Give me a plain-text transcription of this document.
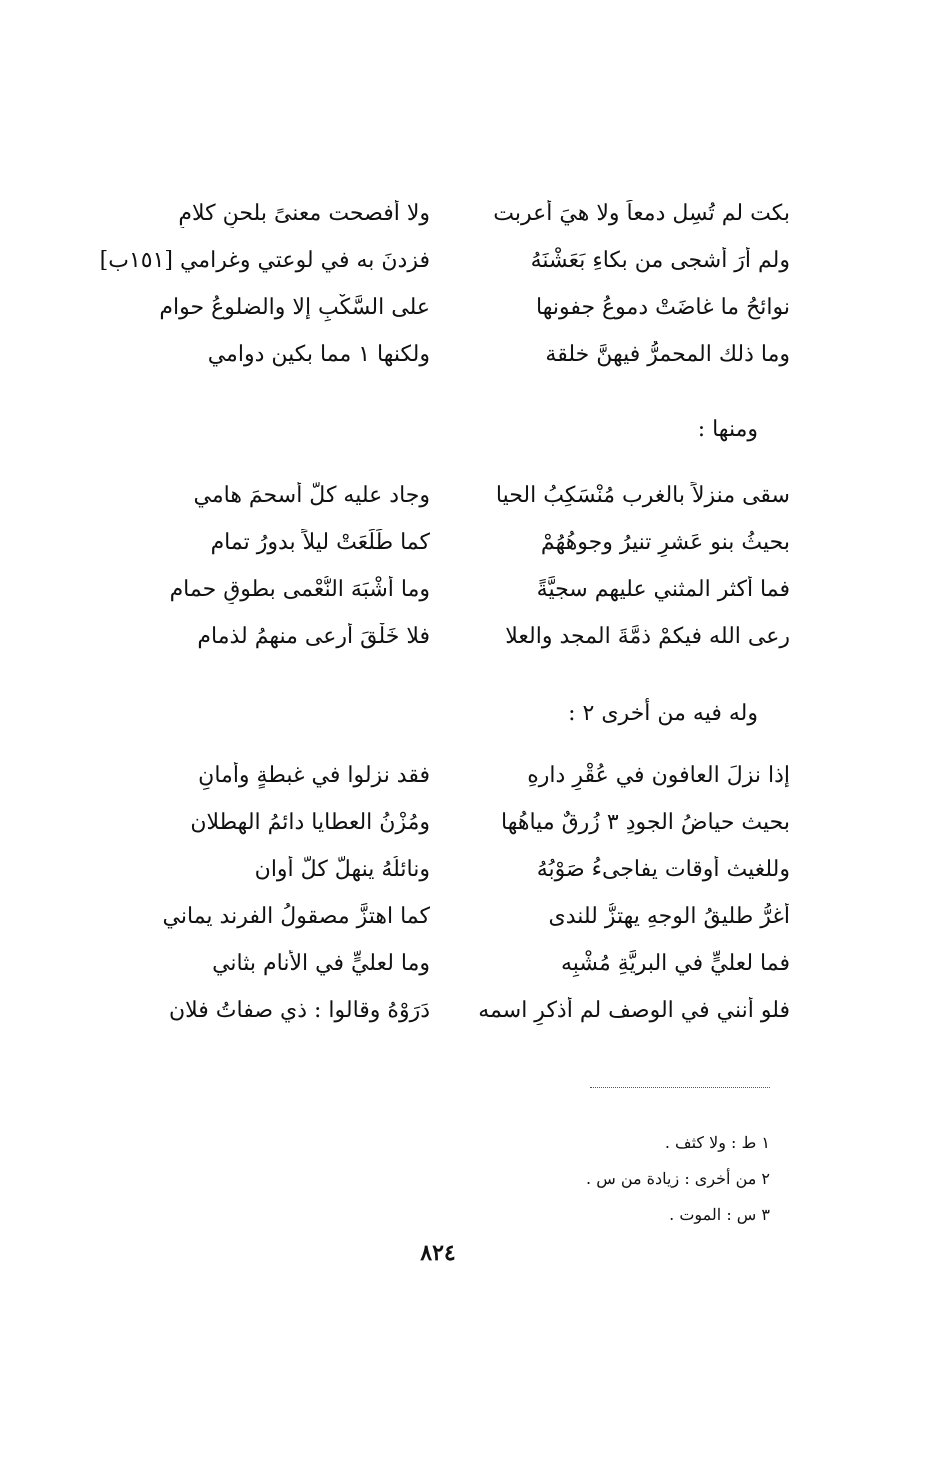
بكت لم تُسِل دمعاً ولا هيَ أعربت
ولا أفصحت معنىً بلحنِ كلامِ
ولم أرَ أشجى من بكاءِ بَعَشْنَهُ
فزدنَ به في لوعتي وغرامي [١٥١ب]
نوائحُ ما غاضَتْ دموعُ جفونها
على السَّكْبِ إلا والضلوعُ حوام
وما ذلك المحمرُّ فيهنَّ خلقة
ولكنها ١ مما بكين دوامي
ومنها :
سقى منزلاً بالغرب مُنْسَكِبُ الحيا
وجاد عليه كلُّ أسحمَ هامي
بحيثُ بنو عَشرٍ تنيرُ وجوهُهُمْ
كما طَلَعَتْ ليلاً بدورُ تمام
فما أكثر المثني عليهم سجيَّةً
وما أشْبَهَ النُّعْمى بطوقِ حمام
رعى الله فيكمْ ذمَّةَ المجد والعلا
فلا خَلْقَ أرعى منهمُ لذمام
وله فيه من أخرى ٢ :
إذا نزلَ العافون في عُقْرِ دارهِ
فقد نزلوا في غبطةٍ وأمانِ
بحيث حياضُ الجودِ ٣ زُرقٌ مياهُها
ومُزْنُ العطايا دائمُ الهطلان
وللغيث أوقات يفاجىءُ صَوْبُهُ
ونائلُهُ ينهلُّ كلَّ أوان
أغرُّ طليقُ الوجهِ يهتزُّ للندى
كما اهتزَّ مصقولُ الفرند يماني
فما لعليٍّ في البريَّةِ مُشْبِه
وما لعليٍّ في الأنام بثاني
فلو أنني في الوصف لم أذكرِ اسمه
دَرَوْهُ وقالوا : ذي صفاتُ فلان
١ ط : ولا كثف .
٢ من أخرى : زيادة من س .
٣ س : الموت .
٨٢٤
